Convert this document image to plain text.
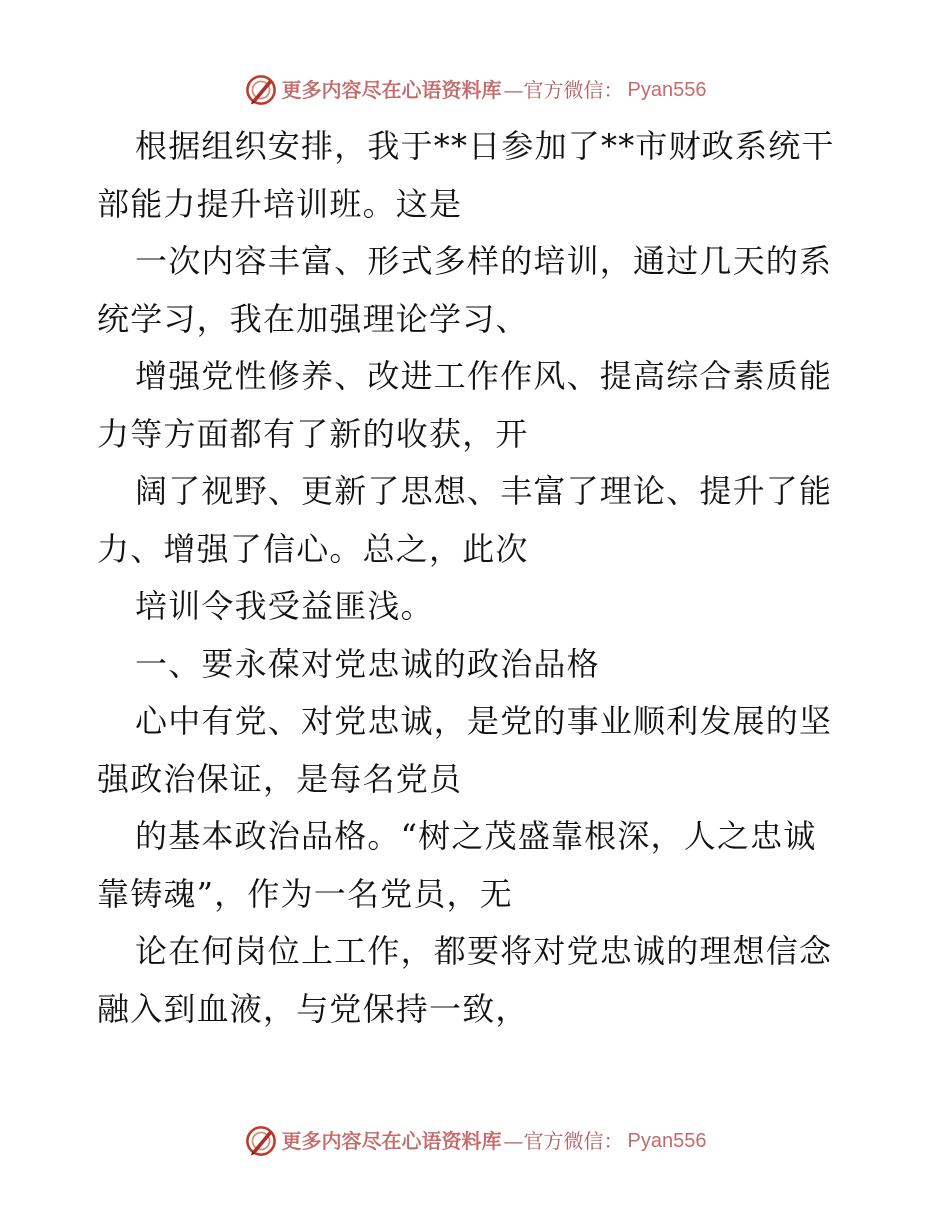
更多内容尽在心语资料库 —官方微信： Pyan556
根据组织安排，我于**日参加了**市财政系统干
部能力提升培训班。这是
一次内容丰富、形式多样的培训，通过几天的系
统学习，我在加强理论学习、
增强党性修养、改进工作作风、提高综合素质能
力等方面都有了新的收获，开
阔了视野、更新了思想、丰富了理论、提升了能
力、增强了信心。总之，此次
培训令我受益匪浅。
一、要永葆对党忠诚的政治品格
心中有党、对党忠诚，是党的事业顺利发展的坚
强政治保证，是每名党员
的基本政治品格。“树之茂盛靠根深，人之忠诚
靠铸魂”，作为一名党员，无
论在何岗位上工作，都要将对党忠诚的理想信念
融入到血液，与党保持一致，
更多内容尽在心语资料库 —官方微信： Pyan556
